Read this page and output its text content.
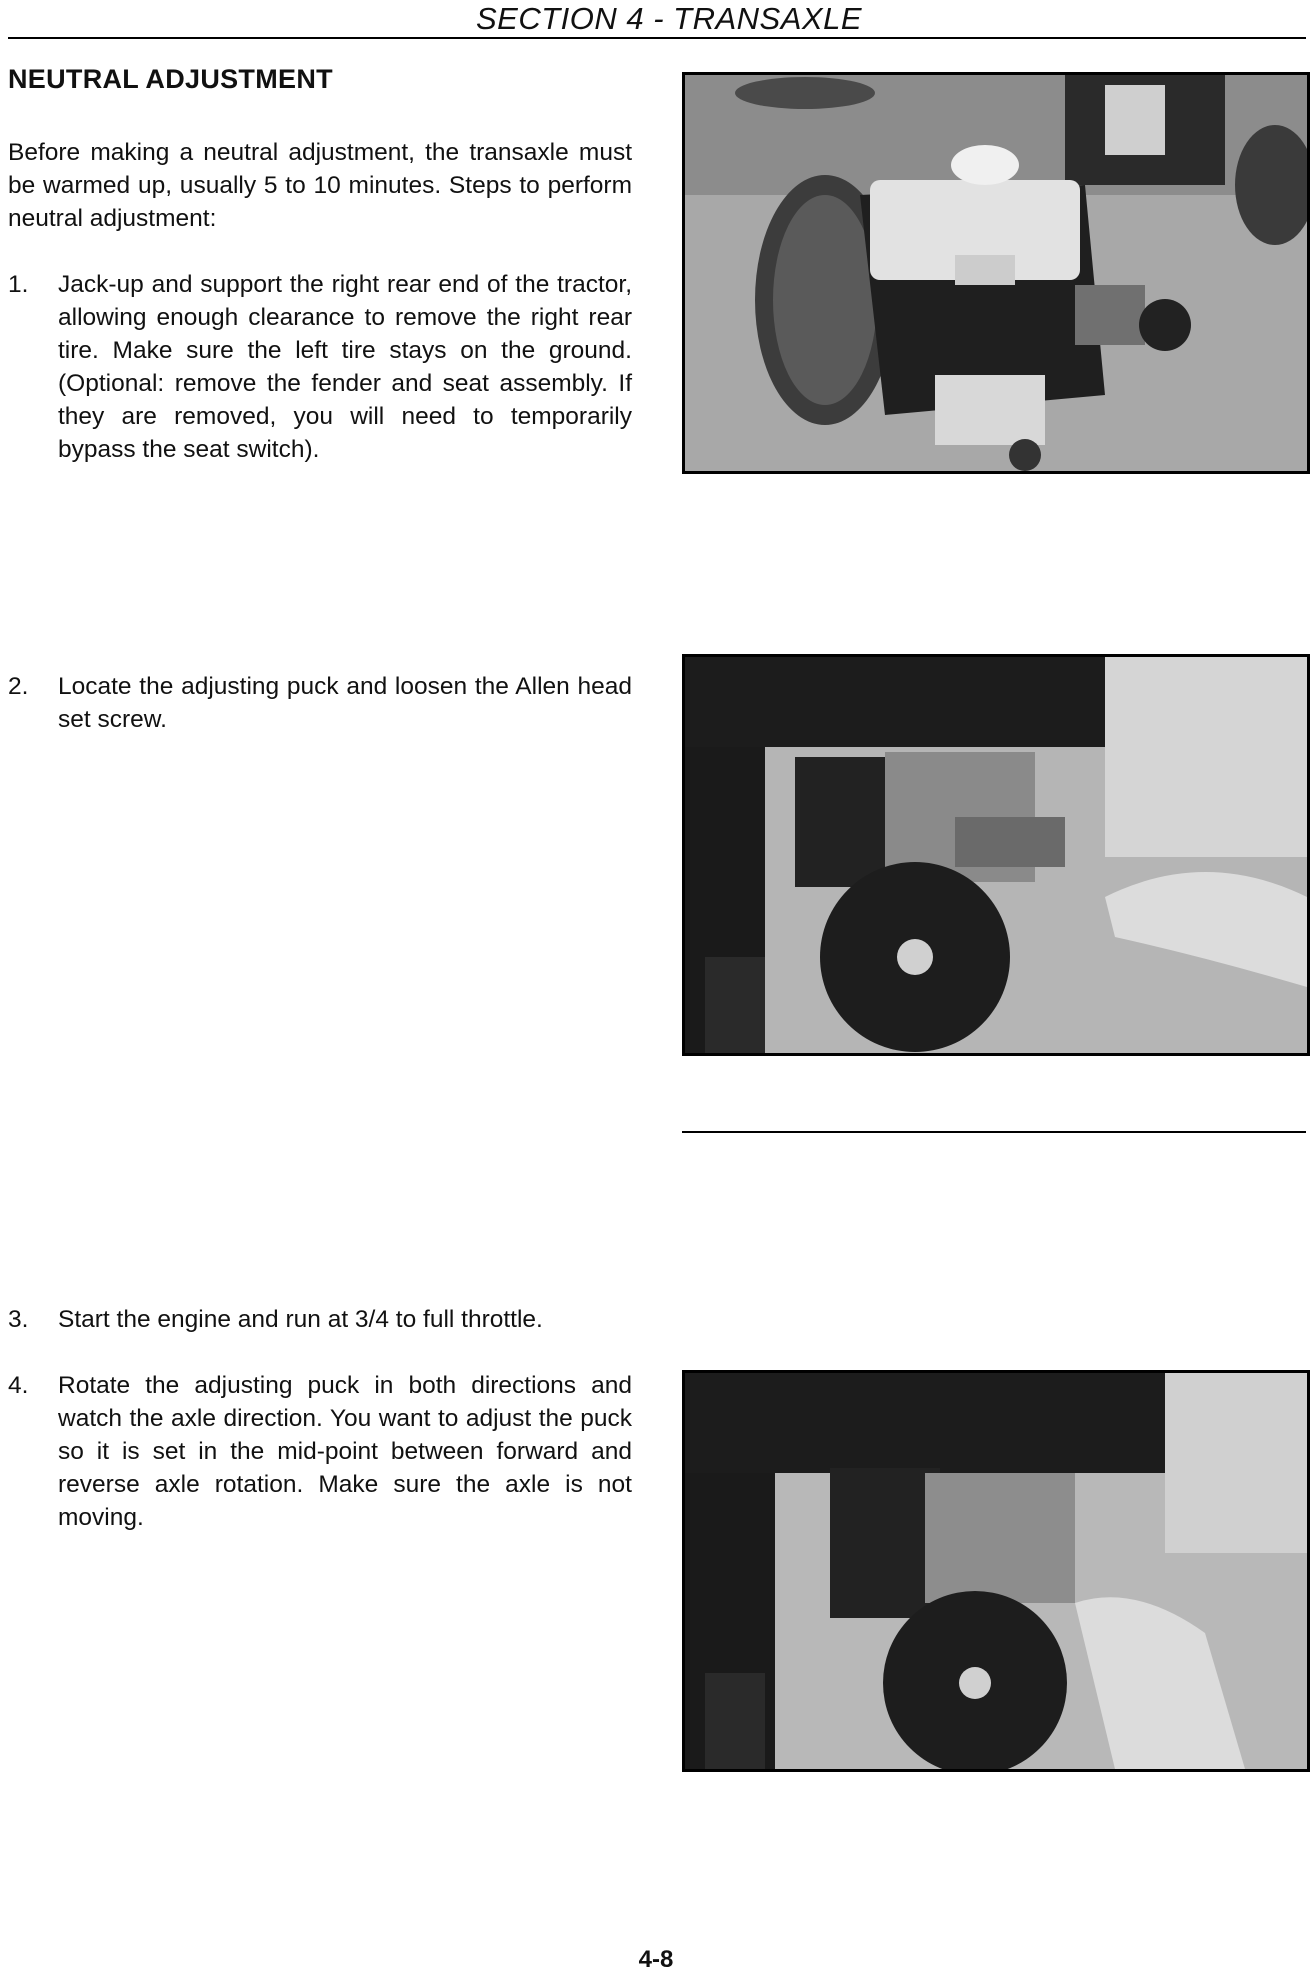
SECTION 4 - TRANSAXLE
NEUTRAL ADJUSTMENT
Before making a neutral adjustment, the transaxle must be warmed up, usually 5 to 10 minutes. Steps to perform neutral adjustment:
1. Jack-up and support the right rear end of the tractor, allowing enough clearance to remove the right rear tire. Make sure the left tire stays on the ground. (Optional: remove the fender and seat assembly. If they are removed, you will need to temporarily bypass the seat switch).
2. Locate the adjusting puck and loosen the Allen head set screw.
3. Start the engine and run at 3/4 to full throttle.
4. Rotate the adjusting puck in both directions and watch the axle direction. You want to adjust the puck so it is set in the mid-point between forward and reverse axle rotation. Make sure the axle is not moving.
4-8
